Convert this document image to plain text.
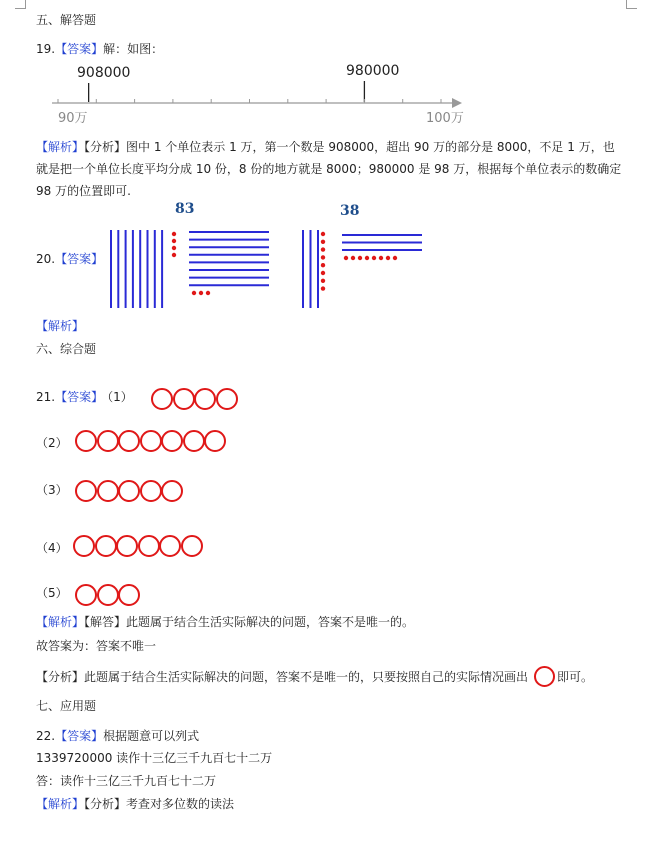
五、解答题
19.【答案】解：如图：
908000	980000
90万	100万
【解析】【分析】图中 1 个单位表示 1 万，第一个数是 908000，超出 90 万的部分是 8000，不足 1 万，也就是把一个单位长度平均分成 10 份，8 份的地方就是 8000；980000 是 98 万，根据每个单位表示的数确定 98 万的位置即可.
83	38
20.【答案】
【解析】
六、综合题
21.【答案】 （1）
（2）
（3）
（4）
（5）
【解析】【解答】此题属于结合生活实际解决的问题，答案不是唯一的。
故答案为：答案不唯一
【分析】 此题属于结合生活实际解决的问题，答案不是唯一的，只要按照自己的实际情况画出 即可。
七、应用题
22.【答案】根据题意可以列式
1339720000 读作十三亿三千九百七十二万
答：读作十三亿三千九百七十二万
【解析】【分析】考查对多位数的读法
